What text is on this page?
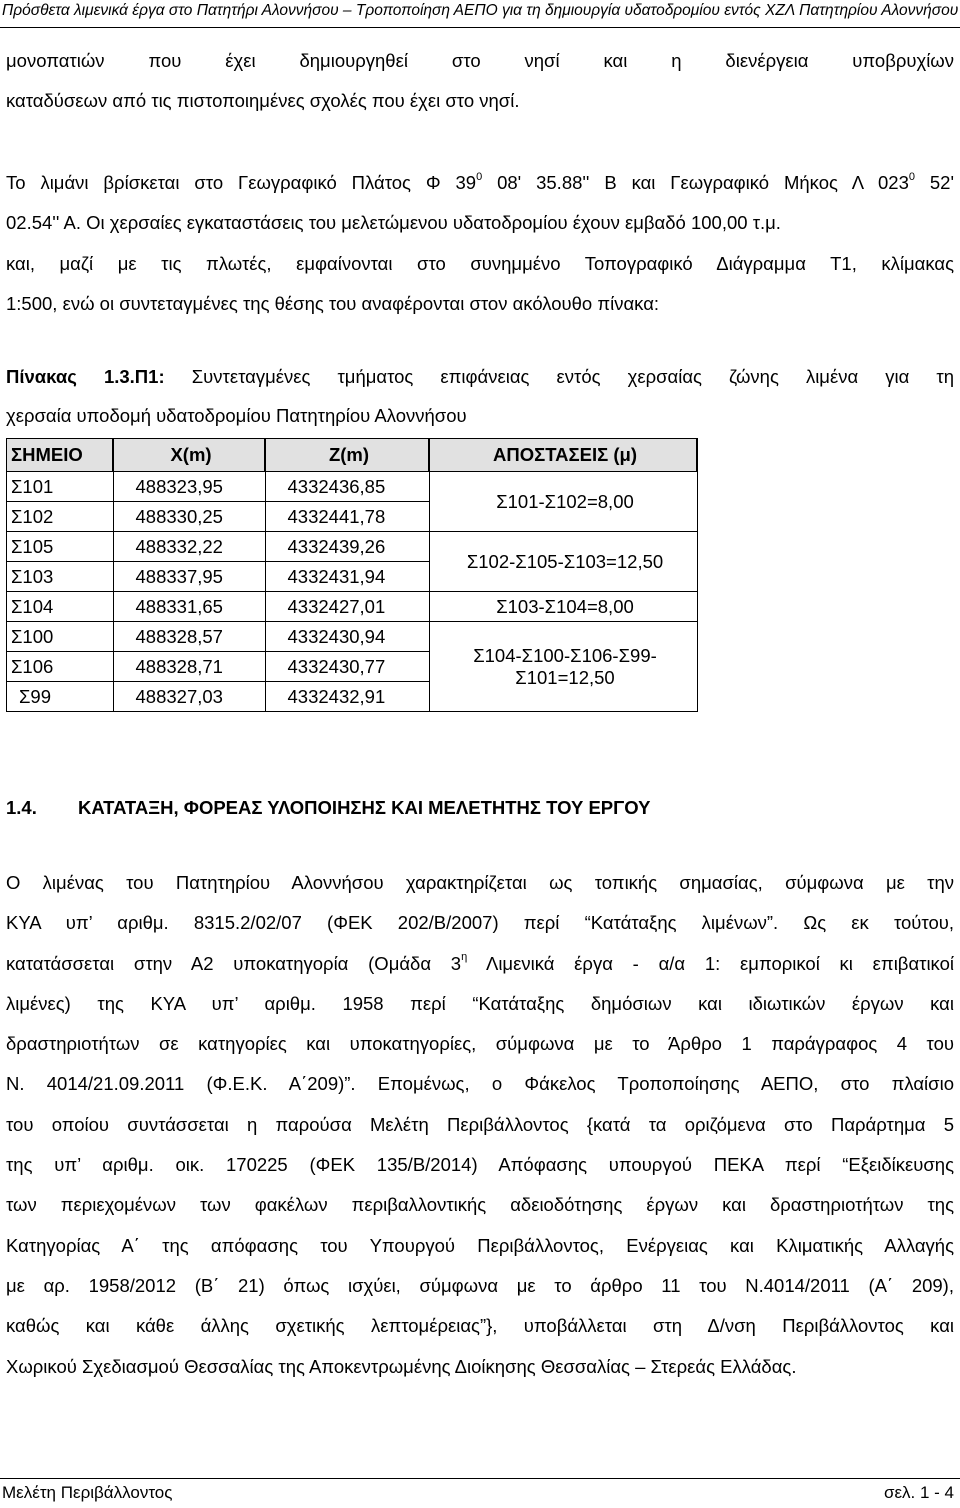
Πρόσθετα λιμενικά έργα στο Πατητήρι Αλοννήσου – Τροποποίηση ΑΕΠΟ για τη δημιουργία υδατοδρομίου εντός ΧΖΛ Πατητηρίου Αλοννήσου
μονοπατιών που έχει δημιουργηθεί στο νησί και η διενέργεια υποβρυχίων
καταδύσεων από τις πιστοποιημένες σχολές που έχει στο νησί.
Το λιμάνι βρίσκεται στο Γεωγραφικό Πλάτος Φ $39^0$ 08' 35.88'' Β και Γεωγραφικό Μήκος Λ $023^0$ 52'
02.54'' Α. Οι χερσαίες εγκαταστάσεις του μελετώμενου υδατοδρομίου έχουν εμβαδό 100,00 τ.μ.
και, μαζί με τις πλωτές, εμφαίνονται στο συνημμένο Τοπογραφικό Διάγραμμα Τ1, κλίμακας
1:500, ενώ οι συντεταγμένες της θέσης του αναφέρονται στον ακόλουθο πίνακα:
Πίνακας 1.3.Π1: Συντεταγμένες τμήματος επιφάνειας εντός χερσαίας ζώνης λιμένα για τη
χερσαία υποδομή υδατοδρομίου Πατητηρίου Αλοννήσου
ΣΗΜΕΙΟ	X(m)	Z(m)	ΑΠΟΣΤΑΣΕΙΣ (μ)
Σ101	488323,95	4332436,85	Σ101-Σ102=8,00
Σ102	488330,25	4332441,78	
Σ105	488332,22	4332439,26	Σ102-Σ105-Σ103=12,50
Σ103	488337,95	4332431,94	
Σ104	488331,65	4332427,01	Σ103-Σ104=8,00
Σ100	488328,57	4332430,94	Σ104-Σ100-Σ106-Σ99-
Σ101=12,50

Σ106	488328,71	4332430,77	
Σ99	488327,03	4332432,91	
1.4. ΚΑΤΑΤΑΞΗ, ΦΟΡΕΑΣ ΥΛΟΠΟΙΗΣΗΣ ΚΑΙ ΜΕΛΕΤΗΤΗΣ ΤΟΥ ΕΡΓΟΥ
Ο λιμένας του Πατητηρίου Αλοννήσου χαρακτηρίζεται ως τοπικής σημασίας, σύμφωνα με την
ΚΥΑ υπ’ αριθμ. 8315.2/02/07 (ΦΕΚ 202/Β/2007) περί “Κατάταξης λιμένων”. Ως εκ τούτου,
κατατάσσεται στην Α2 υποκατηγορία (Ομάδα $3^\eta$ Λιμενικά έργα - α/α 1: εμπορικοί κι επιβατικοί
λιμένες) της ΚΥΑ υπ’ αριθμ. 1958 περί “Κατάταξης δημόσιων και ιδιωτικών έργων και
δραστηριοτήτων σε κατηγορίες και υποκατηγορίες, σύμφωνα με το Άρθρο 1 παράγραφος 4 του
Ν. 4014/21.09.2011 (Φ.Ε.Κ. Α΄209)”. Επομένως, ο Φάκελος Τροποποίησης ΑΕΠΟ, στο πλαίσιο
του οποίου συντάσσεται η παρούσα Μελέτη Περιβάλλοντος {κατά τα οριζόμενα στο Παράρτημα 5
της υπ’ αριθμ. οικ. 170225 (ΦΕΚ 135/Β/2014) Απόφασης υπουργού ΠΕΚΑ περί “Εξειδίκευσης
των περιεχομένων των φακέλων περιβαλλοντικής αδειοδότησης έργων και δραστηριοτήτων της
Κατηγορίας Α΄ της απόφασης του Υπουργού Περιβάλλοντος, Ενέργειας και Κλιματικής Αλλαγής
με αρ. 1958/2012 (Β΄ 21) όπως ισχύει, σύμφωνα με το άρθρο 11 του Ν.4014/2011 (Α΄ 209),
καθώς και κάθε άλλης σχετικής λεπτομέρειας”}, υποβάλλεται στη Δ/νση Περιβάλλοντος και
Χωρικού Σχεδιασμού Θεσσαλίας της Αποκεντρωμένης Διοίκησης Θεσσαλίας – Στερεάς Ελλάδας.
Μελέτη Περιβάλλοντος	σελ. 1 - 4
